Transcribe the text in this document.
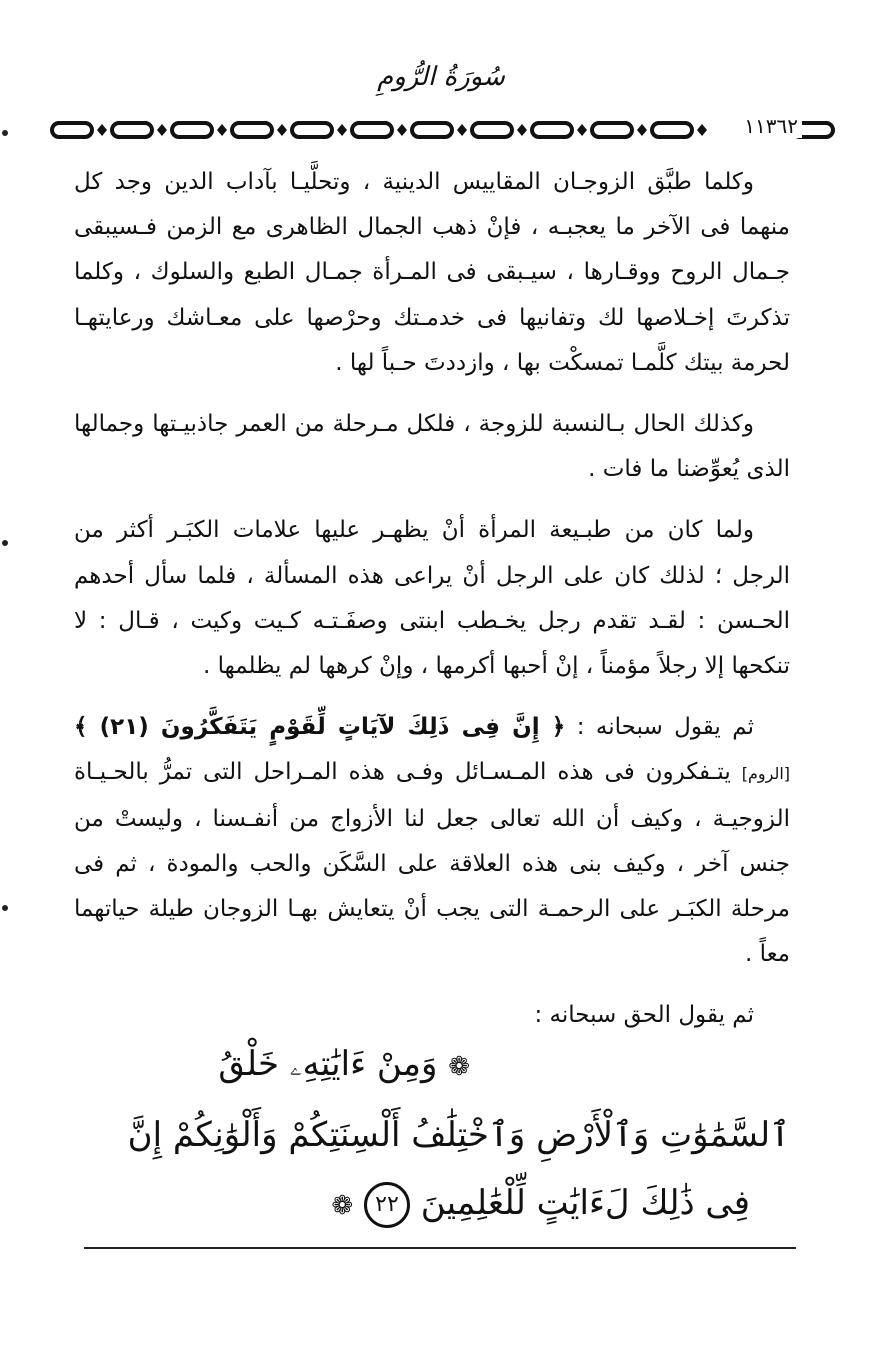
سُورَةُ الرُّومِ
١١٣٦٢

وكلما طبَّق الزوجـان المقاييس الدينية ، وتحلَّيـا بآداب الدين وجد كل منهما فى الآخر ما يعجبـه ، فإنْ ذهب الجمال الظاهرى مع الزمن فـسيبقى جـمال الروح ووقـارها ، سيـبقى فى المـرأة جمـال الطبع والسلوك ، وكلما تذكرتَ إخـلاصها لك وتفانيها فى خدمـتك وحرْصها على معـاشك ورعايتهـا لحرمة بيتك كلَّمـا تمسكْت بها ، وازددتَ حـباً لها .

وكذلك الحال بـالنسبة للزوجة ، فلكل مـرحلة من العمر جاذبيـتها وجمالها الذى يُعوِّضنا ما فات .

ولما كان من طبـيعة المرأة أنْ يظهـر عليها علامات الكبَـر أكثر من الرجل ؛ لذلك كان على الرجل أنْ يراعى هذه المسألة ، فلما سأل أحدهم الحـسن : لقـد تقدم رجل يخـطب ابنتى وصفَـتـه كـيت وكيت ، قـال : لا تنكحها إلا رجلاً مؤمناً ، إنْ أحبها أكرمها ، وإنْ كرهها لم يظلمها .

ثم يقول سبحانه : ﴿ إِنَّ فِى ذَلِكَ لآيَاتٍ لِّقَوْمٍ يَتَفَكَّرُونَ (٢١) ﴾ [الروم] يتـفكرون فى هذه المـسـائل وفـى هذه المـراحل التى تمرُّ بالحـيـاة الزوجيـة ، وكيف أن الله تعالى جعل لنا الأزواج من أنفـسنا ، وليستْ من جنس آخر ، وكيف بنى هذه العلاقة على السَّكَن والحب والمودة ، ثم فى مرحلة الكبَـر على الرحمـة التى يجب أنْ يتعايش بهـا الزوجان طيلة حياتهما معاً .

ثم يقول الحق سبحانه :

❁ وَمِنْ ءَايَٰتِهِۦ خَلْقُ
ٱلسَّمَٰوَٰتِ وَٱلْأَرْضِ وَٱخْتِلَٰفُ أَلْسِنَتِكُمْ وَأَلْوَٰنِكُمْ إِنَّ
فِى ذَٰلِكَ لَءَايَٰتٍ لِّلْعَٰلِمِينَ ٢٢ ❁
